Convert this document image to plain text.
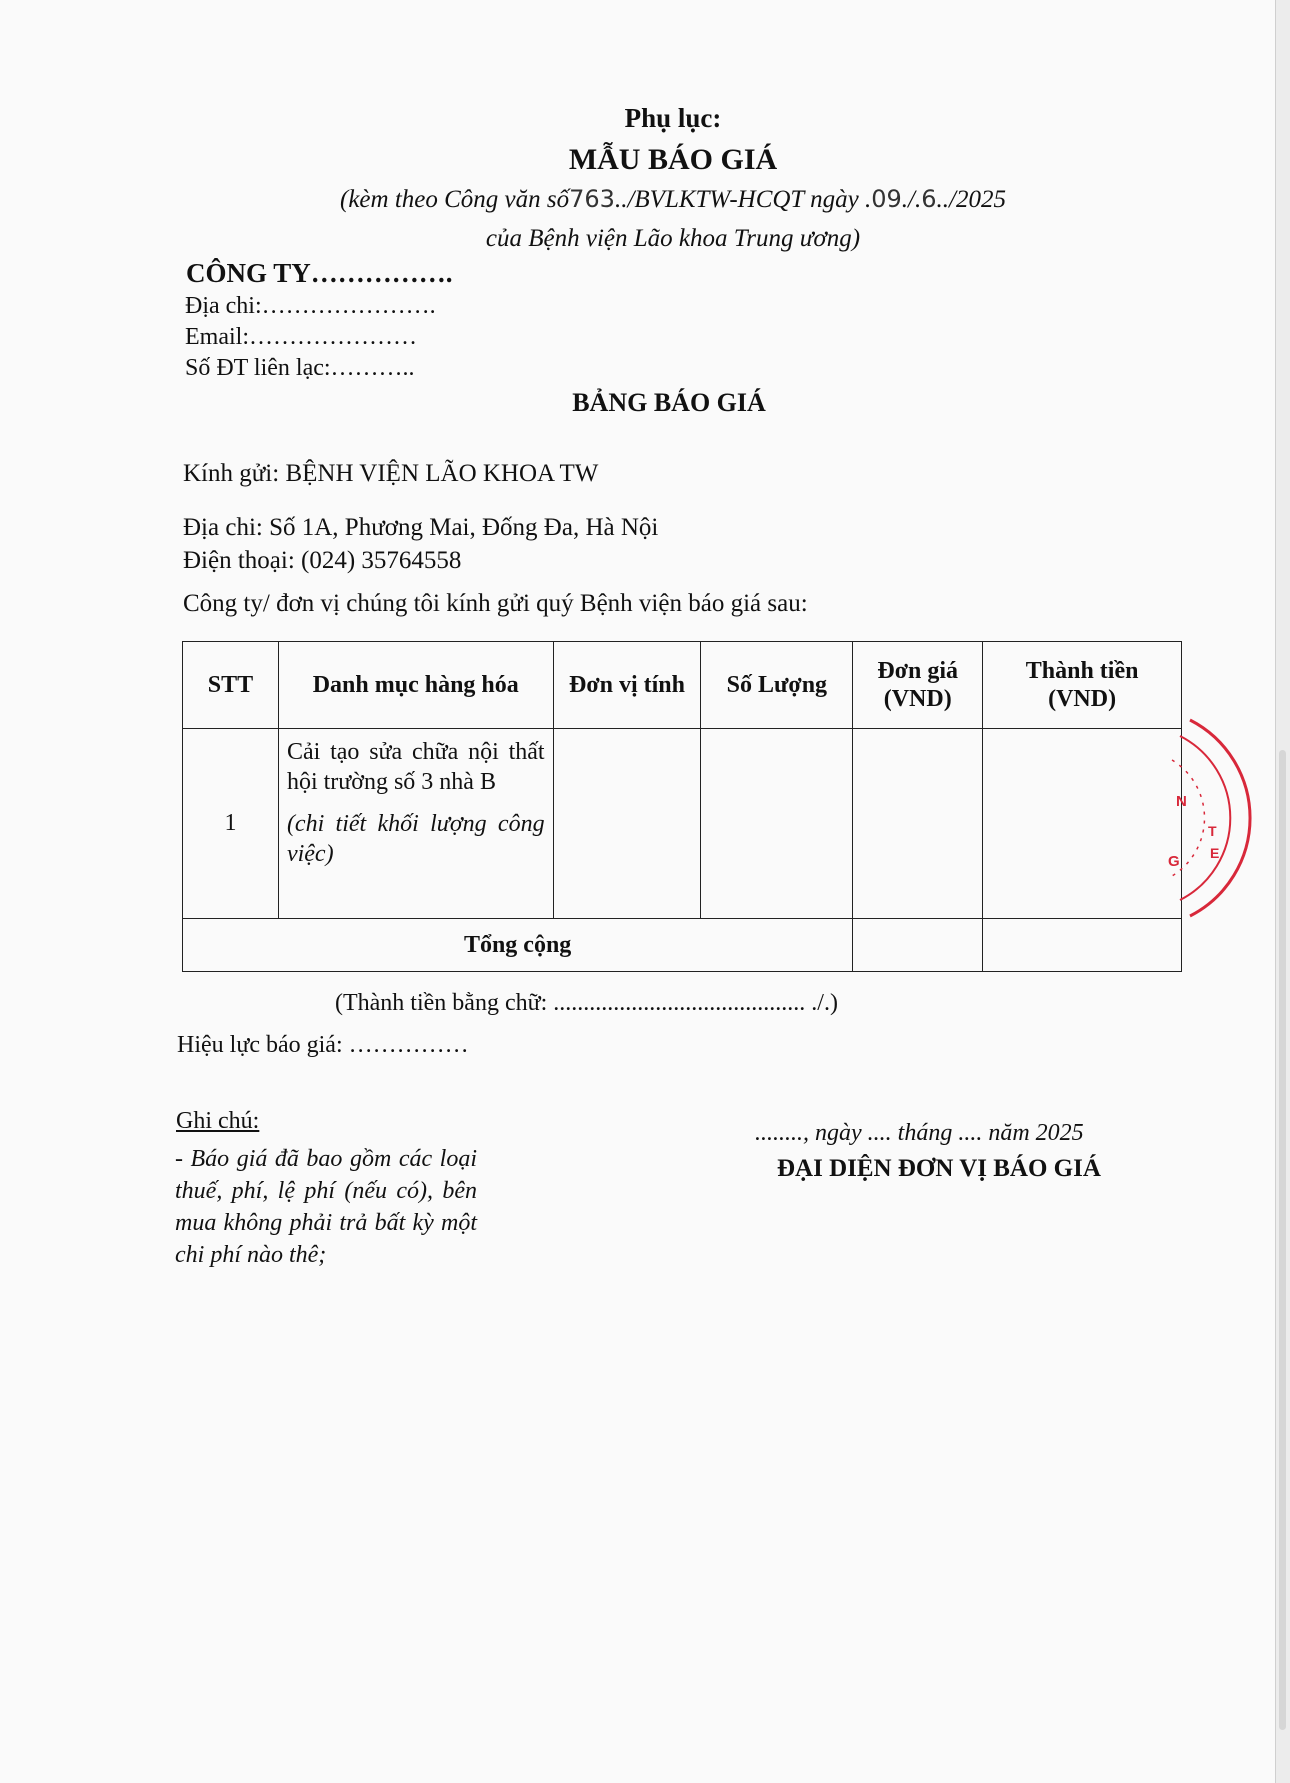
Phụ lục:
MẪU BÁO GIÁ
(kèm theo Công văn số763../BVLKTW-HCQT ngày .09./.6../2025
của Bệnh viện Lão khoa Trung ương)
CÔNG TY…………….
Địa chi:………………….
Email:…………………
Số ĐT liên lạc:………..
BẢNG BÁO GIÁ
Kính gửi: BỆNH VIỆN LÃO KHOA TW
Địa chi: Số 1A, Phương Mai, Đống Đa, Hà Nội
Điện thoại: (024) 35764558
Công ty/ đơn vị chúng tôi kính gửi quý Bệnh viện báo giá sau:
STT	Danh mục hàng hóa	Đơn vị tính	Số Lượng	Đơn giá (VND)	Thành tiền (VND)
1	Cải tạo sửa chữa nội thất hội trường số 3 nhà B
(chi tiết khối lượng công việc)				

Tổng cộng					
(Thành tiền bằng chữ: .......................................... ./.)
Hiệu lực báo giá: ……………
Ghi chú:
- Báo giá đã bao gồm các loại thuế, phí, lệ phí (nếu có), bên mua không phải trả bất kỳ một chi phí nào thê;
........, ngày .... tháng .... năm 2025
ĐẠI DIỆN ĐƠN VỊ BÁO GIÁ
N
G
T
E
